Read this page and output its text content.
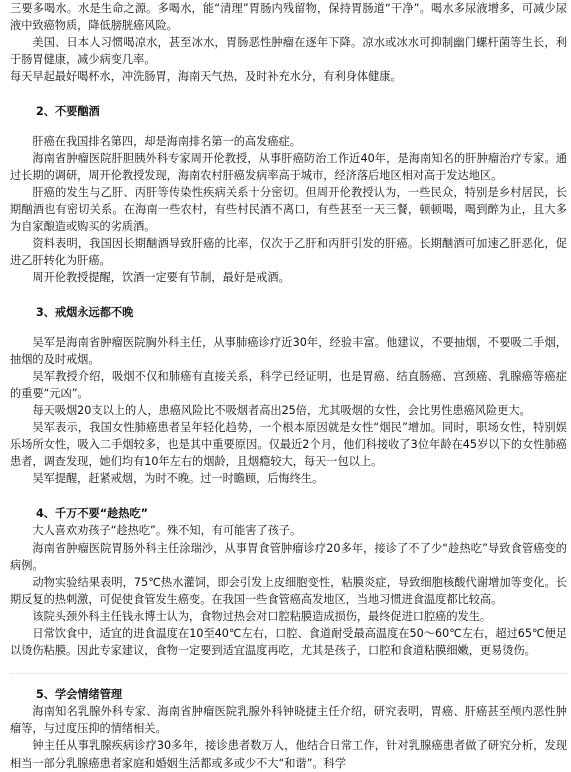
三要多喝水。水是生命之源。多喝水，能“清理”胃肠内残留物，保持胃肠道“干净”。喝水多尿液增多，可减少尿液中致癌物质，降低膀胱癌风险。

美国、日本人习惯喝凉水，甚至冰水，胃肠恶性肿瘤在逐年下降。凉水或冰水可抑制幽门螺杆菌等生长，利于肠胃健康，减少病变几率。

每天早起最好喝杯水，冲洗肠胃，海南天气热，及时补充水分，有利身体健康。

2、不要酗酒

肝癌在我国排名第四，却是海南排名第一的高发癌症。

海南省肿瘤医院肝胆胰外科专家周开伦教授，从事肝癌防治工作近40年，是海南知名的肝肿瘤治疗专家。通过长期的调研，周开伦教授发现，海南农村肝癌发病率高于城市，经济落后地区相对高于发达地区。

肝癌的发生与乙肝、丙肝等传染性疾病关系十分密切。但周开伦教授认为，一些民众，特别是乡村居民，长期酗酒也有密切关系。在海南一些农村，有些村民酒不离口，有些甚至一天三餐，顿顿喝，喝到醉为止，且大多为自家酿造或购买的劣质酒。

资料表明，我国因长期酗酒导致肝癌的比率，仅次于乙肝和丙肝引发的肝癌。长期酗酒可加速乙肝恶化，促进乙肝转化为肝癌。

周开伦教授提醒，饮酒一定要有节制，最好是戒酒。

3、戒烟永远都不晚

吴军是海南省肿瘤医院胸外科主任，从事肺癌诊疗近30年，经验丰富。他建议，不要抽烟，不要吸二手烟，抽烟的及时戒烟。

吴军教授介绍，吸烟不仅和肺癌有直接关系，科学已经证明，也是胃癌、结直肠癌、宫颈癌、乳腺癌等癌症的重要“元凶”。

每天吸烟20支以上的人，患癌风险比不吸烟者高出25倍，尤其吸烟的女性，会比男性患癌风险更大。

吴军表示，我国女性肺癌患者呈年轻化趋势，一个根本原因就是女性“烟民”增加。同时，职场女性，特别娱乐场所女性，吸入二手烟较多，也是其中重要原因。仅最近2个月，他们科接收了3位年龄在45岁以下的女性肺癌患者，调查发现，她们均有10年左右的烟龄，且烟瘾较大，每天一包以上。

吴军提醒，赶紧戒烟，为时不晚。过一时瞻顾，后悔终生。

4、千万不要“趁热吃”

大人喜欢劝孩子“趁热吃”。殊不知，有可能害了孩子。

海南省肿瘤医院胃肠外科主任涂瑞沙，从事胃食管肿瘤诊疗20多年，接诊了不了少“趁热吃”导致食管癌变的病例。

动物实验结果表明，75℃热水灌饲，即会引发上皮细胞变性，粘膜炎症，导致细胞核酸代谢增加等变化。长期反复的热刺激，可促使食管发生癌变。在我国一些食管癌高发地区，当地习惯进食温度都比较高。

该院头颈外科主任钱永博士认为，食物过热会对口腔粘膜造成损伤，最终促进口腔癌的发生。

日常饮食中，适宜的进食温度在10至40℃左右，口腔、食道耐受最高温度在50～60℃左右，超过65℃便足以烫伤粘膜。因此专家建议，食物一定要到适宜温度再吃，尤其是孩子，口腔和食道粘膜细嫩，更易烫伤。

5、学会情绪管理

海南知名乳腺外科专家、海南省肿瘤医院乳腺外科钟晓捷主任介绍，研究表明，胃癌、肝癌甚至颅内恶性肿瘤等，与过度压抑的情绪相关。

钟主任从事乳腺疾病诊疗30多年，接诊患者数万人，他结合日常工作，针对乳腺癌患者做了研究分析，发现相当一部分乳腺癌患者家庭和婚姻生活都或多或少不大“和谐”。科学
